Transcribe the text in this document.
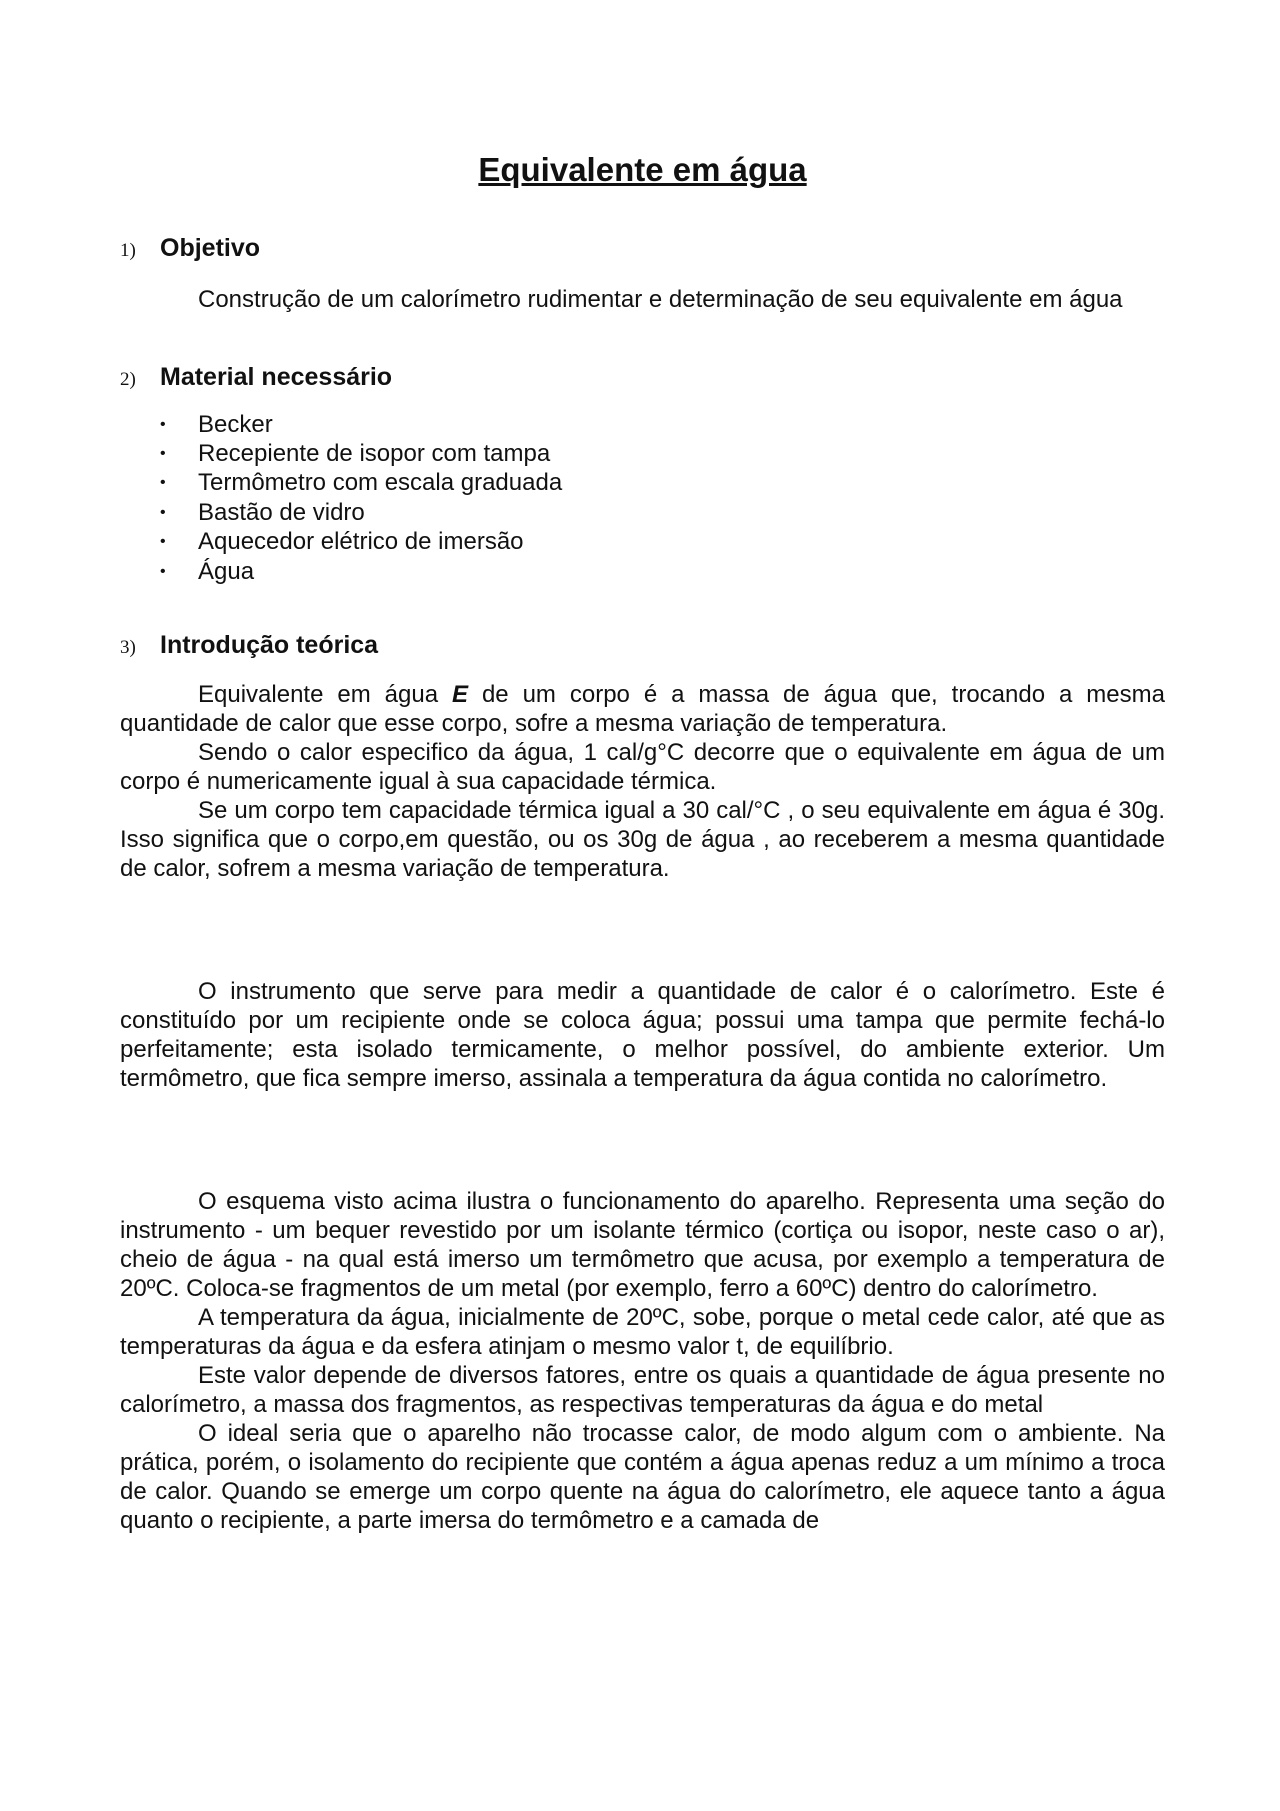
Equivalente em água
1) Objetivo

Construção de um calorímetro rudimentar e determinação de seu equivalente em água

2) Material necessário
• Becker
• Recepiente de isopor com tampa
• Termômetro com escala graduada
• Bastão de vidro
• Aquecedor elétrico de imersão
• Água
3) Introdução teórica

Equivalente em água E de um corpo é a massa de água que, trocando a mesma quantidade de calor que esse corpo, sofre a mesma variação de temperatura.

Sendo o calor especifico da água, 1 cal/g°C decorre que o equivalente em água de um corpo é numericamente igual à sua capacidade térmica.

Se um corpo tem capacidade térmica igual a 30 cal/°C , o seu equivalente em água é 30g. Isso significa que o corpo,em questão, ou os 30g de água , ao receberem a mesma quantidade de calor, sofrem a mesma variação de temperatura.

O instrumento que serve para medir a quantidade de calor é o calorímetro. Este é constituído por um recipiente onde se coloca água; possui uma tampa que permite fechá-lo perfeitamente; esta isolado termicamente, o melhor possível, do ambiente exterior. Um termômetro, que fica sempre imerso, assinala a temperatura da água contida no calorímetro.

O esquema visto acima ilustra o funcionamento do aparelho. Representa uma seção do instrumento - um bequer revestido por um isolante térmico (cortiça ou isopor, neste caso o ar), cheio de água - na qual está imerso um termômetro que acusa, por exemplo a temperatura de 20ºC. Coloca-se fragmentos de um metal (por exemplo, ferro a 60ºC) dentro do calorímetro.

A temperatura da água, inicialmente de 20ºC, sobe, porque o metal cede calor, até que as temperaturas da água e da esfera atinjam o mesmo valor t, de equilíbrio.

Este valor depende de diversos fatores, entre os quais a quantidade de água presente no calorímetro, a massa dos fragmentos, as respectivas temperaturas da água e do metal

O ideal seria que o aparelho não trocasse calor, de modo algum com o ambiente. Na prática, porém, o isolamento do recipiente que contém a água apenas reduz a um mínimo a troca de calor. Quando se emerge um corpo quente na água do calorímetro, ele aquece tanto a água quanto o recipiente, a parte imersa do termômetro e a camada de
